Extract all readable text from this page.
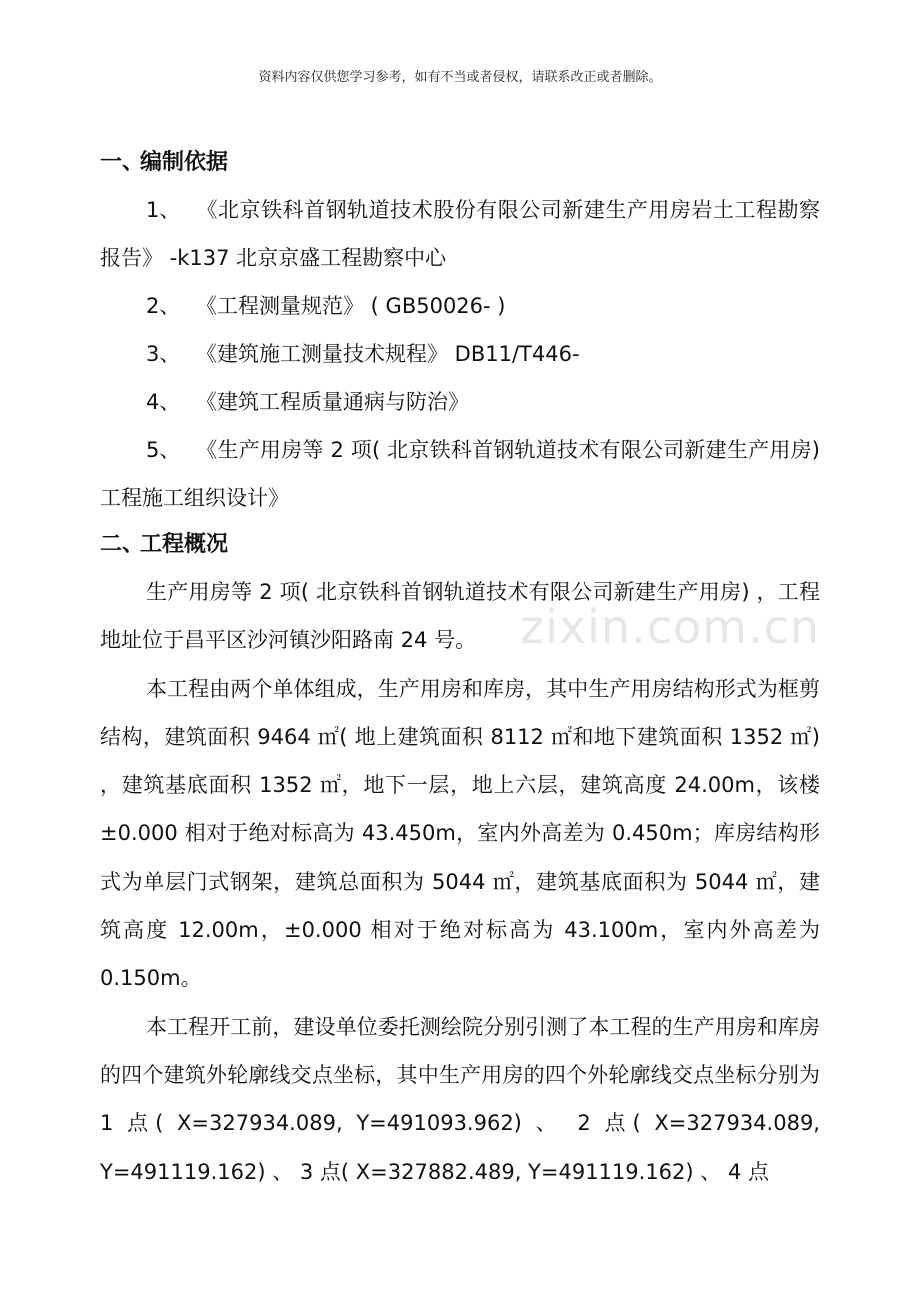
资料内容仅供您学习参考，如有不当或者侵权，请联系改正或者删除。
zixin.com.cn
一、
编制依据
1、 《北京铁科首钢轨道技术股份有限公司新建生产用房岩土工程勘察报告》 -k137 北京京盛工程勘察中心
2、 《工程测量规范》 ( GB50026- )
3、 《建筑施工测量技术规程》 DB11/T446-
4、 《建筑工程质量通病与防治》
5、 《生产用房等 2 项( 北京铁科首钢轨道技术有限公司新建生产用房) 工程施工组织设计》
二、
工程概况
生产用房等 2 项( 北京铁科首钢轨道技术有限公司新建生产用房) ，工程地址位于昌平区沙河镇沙阳路南 24 号。
本工程由两个单体组成，生产用房和库房，其中生产用房结构形式为框剪结构，建筑面积 9464 ㎡( 地上建筑面积 8112 ㎡和地下建筑面积 1352 ㎡) ，建筑基底面积 1352 ㎡，地下一层，地上六层，建筑高度 24.00m，该楼±0.000 相对于绝对标高为 43.450m，室内外高差为 0.450m；库房结构形式为单层门式钢架，建筑总面积为 5044 ㎡，建筑基底面积为 5044 ㎡，建筑高度 12.00m，±0.000 相对于绝对标高为 43.100m，室内外高差为 0.150m。
本工程开工前，建设单位委托测绘院分别引测了本工程的生产用房和库房的四个建筑外轮廓线交点坐标，其中生产用房的四个外轮廓线交点坐标分别为 1 点( X=327934.089, Y=491093.962) 、 2 点( X=327934.089, Y=491119.162) 、 3 点( X=327882.489, Y=491119.162) 、 4 点
